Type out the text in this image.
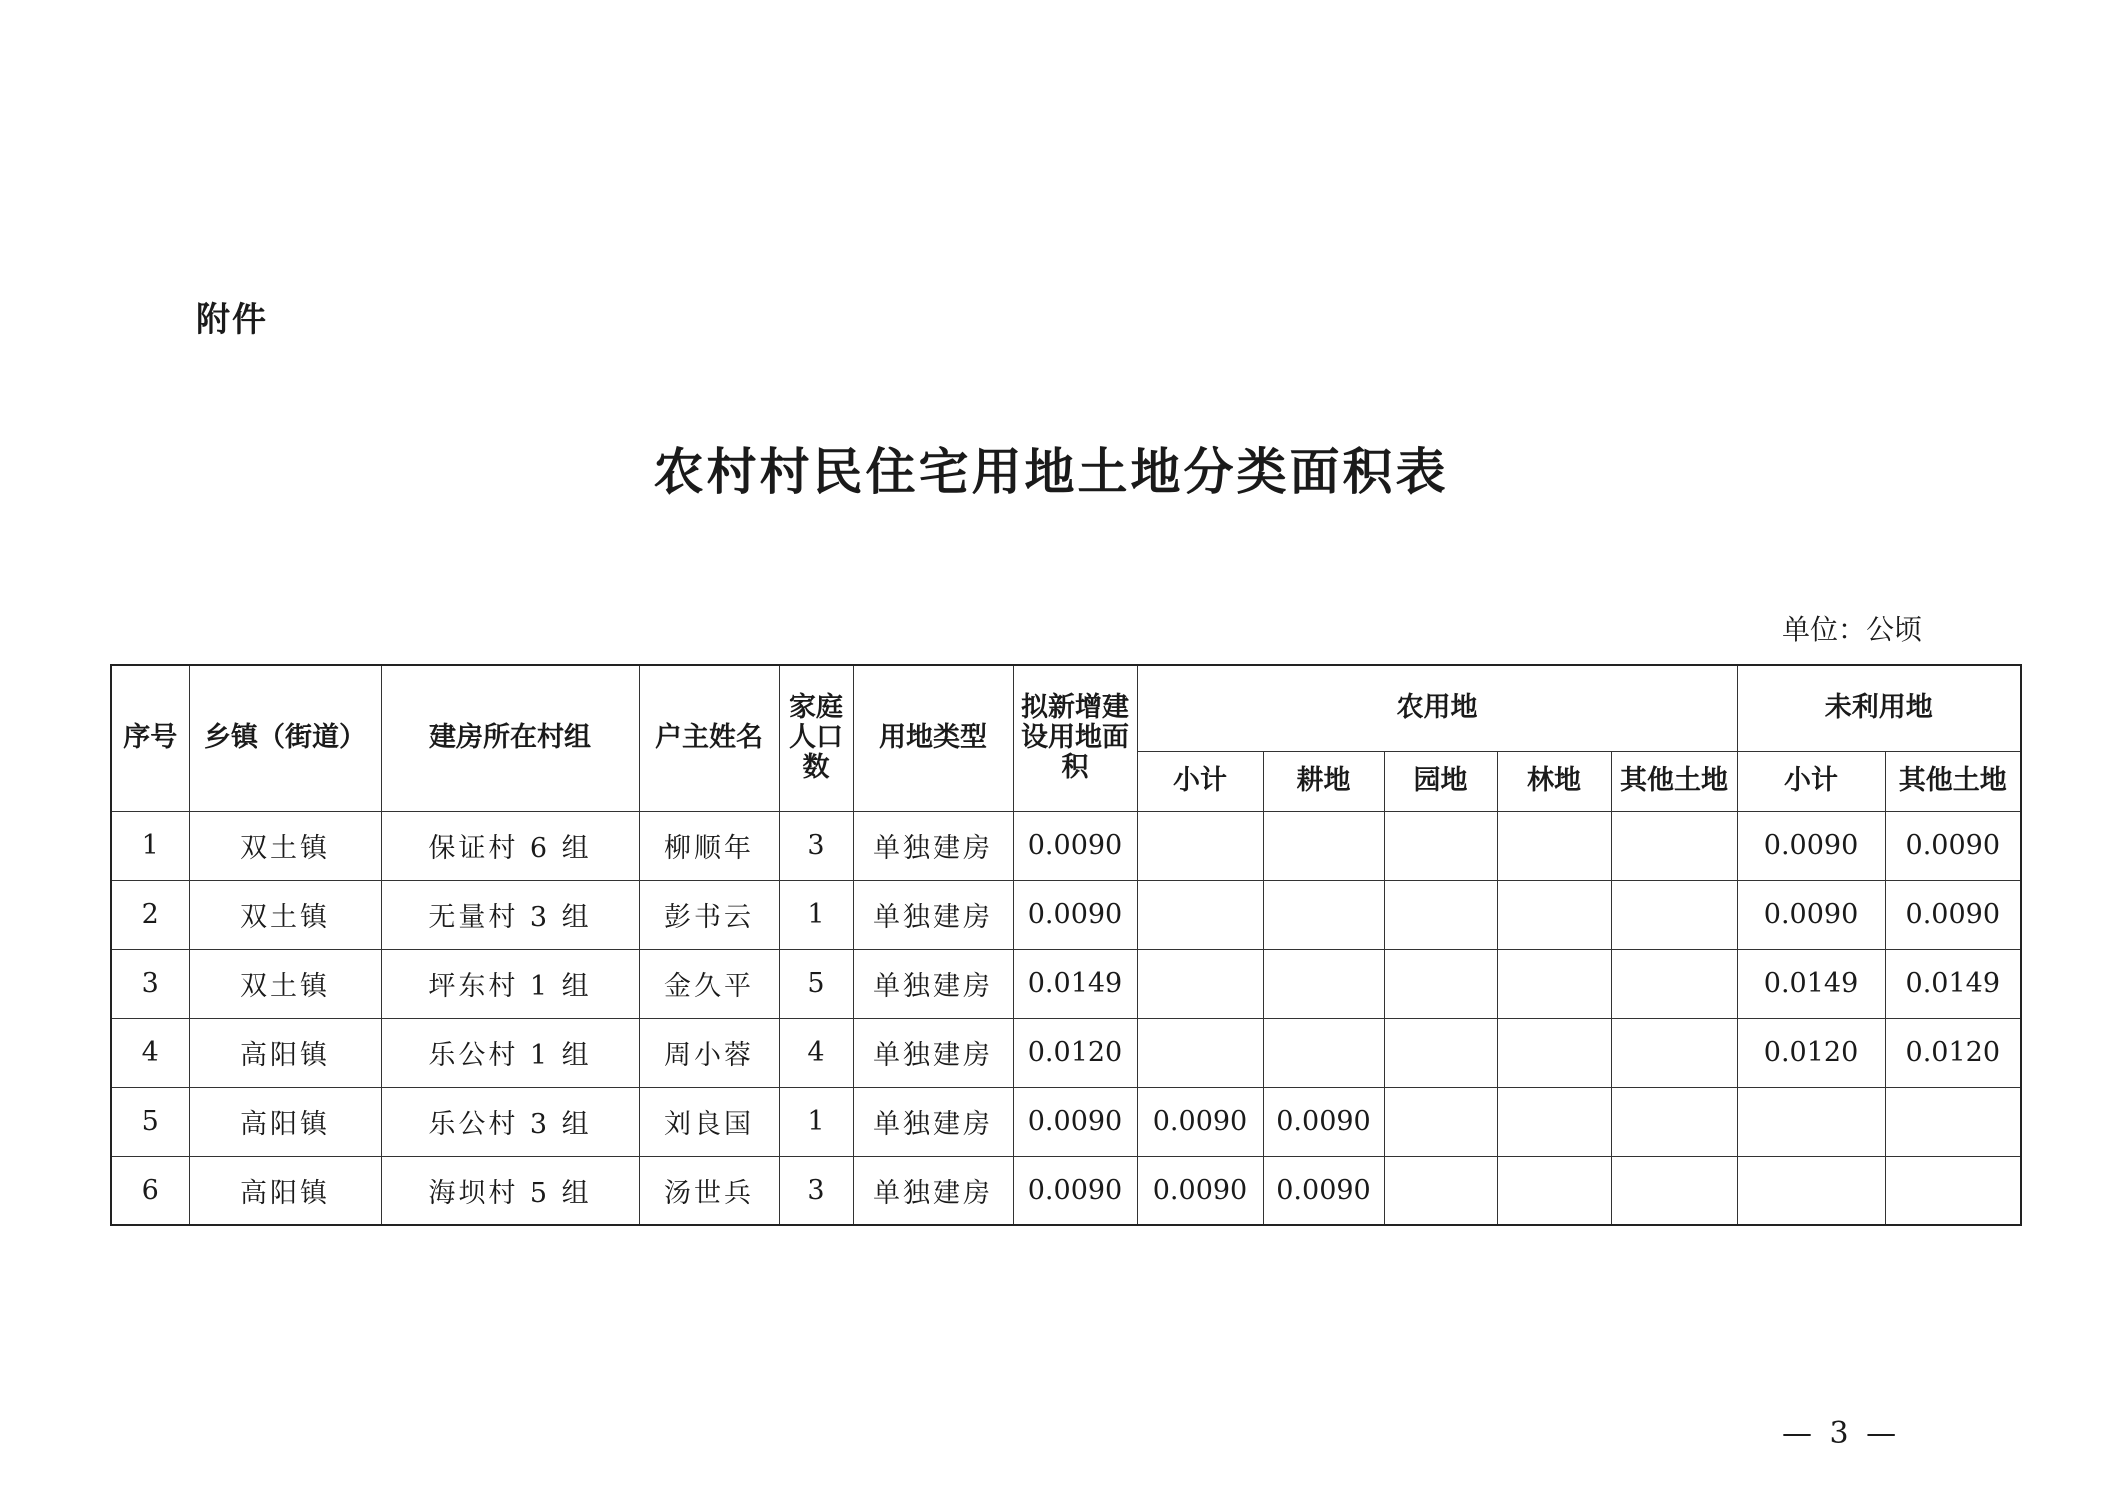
附件
农村村民住宅用地土地分类面积表
单位：公顷
序号	乡镇（街道）	建房所在村组	户主姓名	家庭人口数	用地类型	拟新增建设用地面积	农用地					未利用地	
							小计	耕地	园地	林地	其他土地	小计	其他土地
1	双土镇	保证村 6 组	柳顺年	3	单独建房	0.0090						0.0090	0.0090
2	双土镇	无量村 3 组	彭书云	1	单独建房	0.0090						0.0090	0.0090
3	双土镇	坪东村 1 组	金久平	5	单独建房	0.0149						0.0149	0.0149
4	高阳镇	乐公村 1 组	周小蓉	4	单独建房	0.0120						0.0120	0.0120
5	高阳镇	乐公村 3 组	刘良国	1	单独建房	0.0090	0.0090	0.0090					
6	高阳镇	海坝村 5 组	汤世兵	3	单独建房	0.0090	0.0090	0.0090					
— 3 —
